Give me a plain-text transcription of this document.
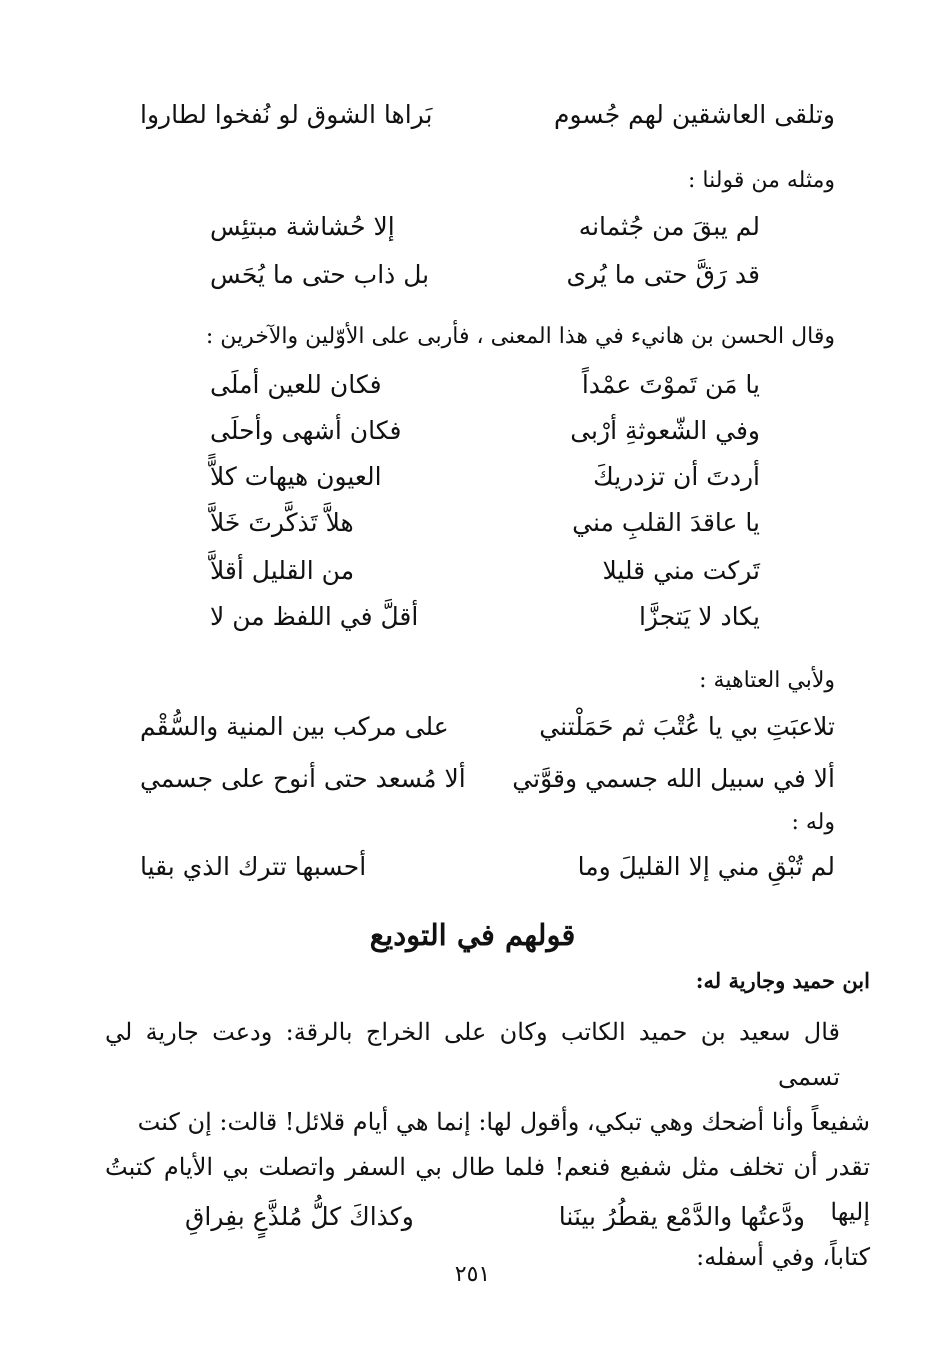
وتلقى العاشقين لهم جُسوم
بَراها الشوق لو نُفخوا لطاروا
ومثله من قولنا :
لم يبقَ من جُثمانه
إلا حُشاشة مبتئِس
قد رَقَّ حتى ما يُرى
بل ذاب حتى ما يُحَس
وقال الحسن بن هانيء في هذا المعنى ، فأربى على الأوّلين والآخرين :
يا مَن تَموْتَ عمْداً
فكان للعين أملَى
وفي الشّعوثةِ أرْبى
فكان أشهى وأحلَى
أردتَ أن تزدريكَ
العيون هيهات كلاًّ
يا عاقدَ القلبِ مني
هلاَّ تَذكَّرتَ خَلاَّ
تَركت مني قليلا
من القليل أقلاَّ
يكاد لا يَتجزَّا
أقلَّ في اللفظ من لا
ولأبي العتاهية :
تلاعبَتِ بي يا عُتْبَ ثم حَمَلْتني
على مركب بين المنية والسُّقْم
ألا في سبيل الله جسمي وقوَّتي
ألا مُسعد حتى أنوح على جسمي
وله :
لم تُبْقِ مني إلا القليلَ وما
أحسبها تترك الذي بقيا
قولهم في التوديع
ابن حميد وجارية له:
قال سعيد بن حميد الكاتب وكان على الخراج بالرقة: ودعت جارية لي تسمى
شفيعاً وأنا أضحك وهي تبكي، وأقول لها: إنما هي أيام قلائل! قالت: إن كنت
تقدر أن تخلف مثل شفيع فنعم! فلما طال بي السفر واتصلت بي الأيام كتبتُ إليها
كتاباً، وفي أسفله:
ودَّعتُها والدَّمْع يقطُرُ بينَنا
وكذاكَ كلُّ مُلذَّعٍ بفِراقِ
٢٥١
